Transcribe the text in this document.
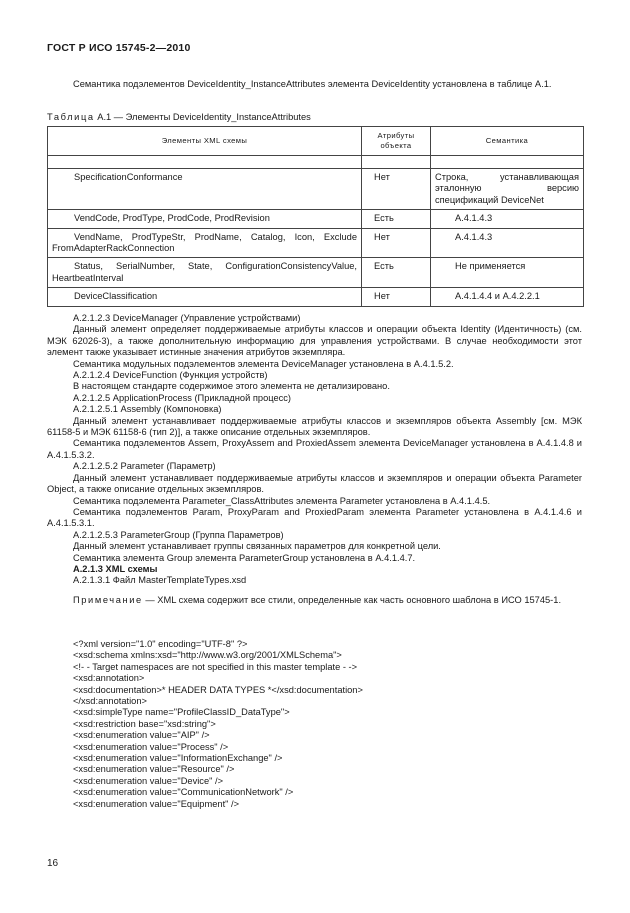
ГОСТ Р ИСО 15745-2—2010

Семантика подэлементов DeviceIdentity_InstanceAttributes элемента DeviceIdentity установлена в таблице А.1.

Таблица А.1 — Элементы DeviceIdentity_InstanceAttributes
Элементы XML схемы	Атрибуты объекта	Семантика

SpecificationConformance	Нет	Строка, устанавливающая эталонную версию спецификаций DeviceNet

VendCode, ProdType, ProdCode, ProdRevision	Есть	А.4.1.4.3
VendName, ProdTypeStr, ProdName, Catalog, Icon, Exclude FromAdapterRackConnection	Нет	А.4.1.4.3
Status, SerialNumber, State, ConfigurationConsistencyValue, HeartbeatInterval	Есть	Не применяется

DeviceClassification	Нет	А.4.1.4.4 и А.4.2.2.1

А.2.1.2.3 DeviceManager (Управление устройствами)

Данный элемент определяет поддерживаемые атрибуты классов и операции объекта Identity (Идентичность) (см. МЭК 62026-3), а также дополнительную информацию для управления устройствами. В случае необходимости этот элемент также указывает истинные значения атрибутов экземпляра.

Семантика модульных подэлементов элемента DeviceManager установлена в А.4.1.5.2.

А.2.1.2.4 DeviceFunction (Функция устройств)

В настоящем стандарте содержимое этого элемента не детализировано.

А.2.1.2.5 ApplicationProcess (Прикладной процесс)

А.2.1.2.5.1 Assembly (Компоновка)

Данный элемент устанавливает поддерживаемые атрибуты классов и экземпляров объекта Assembly [см. МЭК 61158-5 и МЭК 61158-6 (тип 2)], а также описание отдельных экземпляров.

Семантика подэлементов Assem, ProxyAssem and ProxiedAssem элемента DeviceManager установлена в А.4.1.4.8 и А.4.1.5.3.2.

А.2.1.2.5.2 Parameter (Параметр)

Данный элемент устанавливает поддерживаемые атрибуты классов и экземпляров и операции объекта Parameter Object, а также описание отдельных экземпляров.

Семантика подэлемента Parameter_ClassAttributes элемента Parameter установлена в А.4.1.4.5.

Семантика подэлементов Param, ProxyParam and ProxiedParam элемента Parameter установлена в А.4.1.4.6 и А.4.1.5.3.1.

А.2.1.2.5.3 ParameterGroup (Группа Параметров)

Данный элемент устанавливает группы связанных параметров для конкретной цели.

Семантика элемента Group элемента ParameterGroup установлена в А.4.1.4.7.

А.2.1.3 XML схемы

А.2.1.3.1 Файл MasterTemplateTypes.xsd

Примечание — XML схема содержит все стили, определенные как часть основного шаблона в ИСО 15745-1.

<?xml version="1.0" encoding="UTF-8" ?>

<xsd:schema xmlns:xsd="http://www.w3.org/2001/XMLSchema">

<!- - Target namespaces are not specified in this master template - ->

<xsd:annotation>

<xsd:documentation>* HEADER DATA TYPES *</xsd:documentation>

</xsd:annotation>

<xsd:simpleType name="ProfileClassID_DataType">

<xsd:restriction base="xsd:string">

<xsd:enumeration value="AIP" />

<xsd:enumeration value="Process" />

<xsd:enumeration value="InformationExchange" />

<xsd:enumeration value="Resource" />

<xsd:enumeration value="Device" />

<xsd:enumeration value="CommunicationNetwork" />

<xsd:enumeration value="Equipment" />

16
